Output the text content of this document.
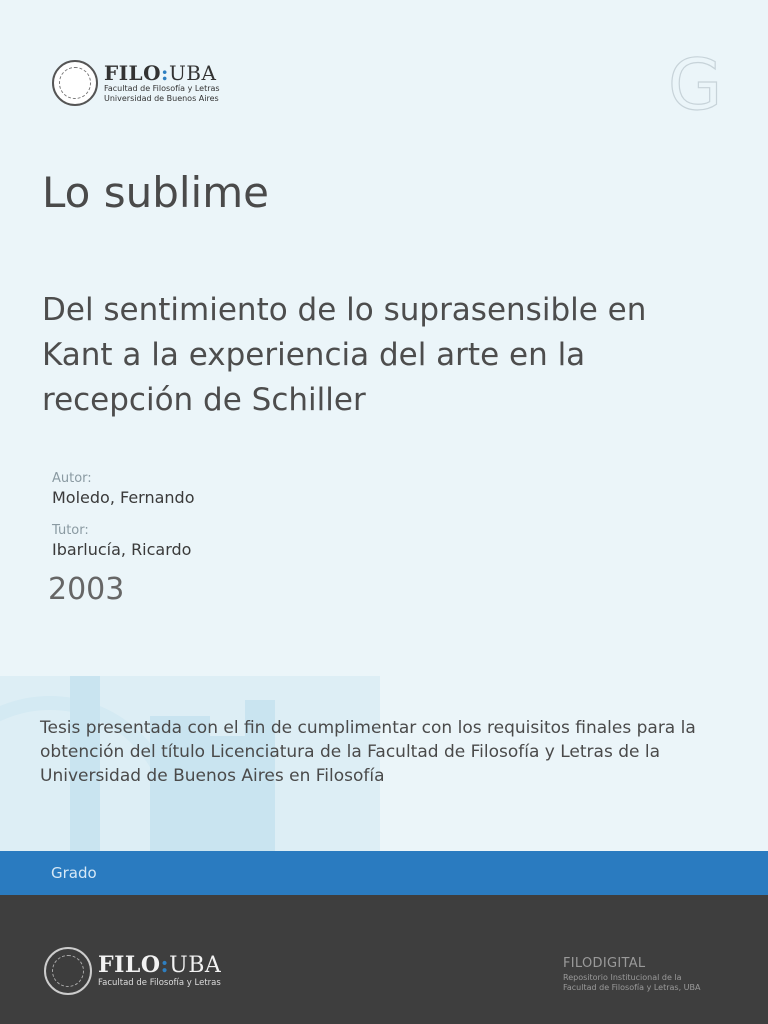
FILO:UBA
Facultad de Filosofía y Letras
Universidad de Buenos Aires	G
Lo sublime
Del sentimiento de lo suprasensible en Kant a la experiencia del arte en la recepción de Schiller
Autor:
Moledo, Fernando
Tutor:
Ibarlucía, Ricardo
2003

Tesis presentada con el fin de cumplimentar con los requisitos finales para la obtención del título Licenciatura de la Facultad de Filosofía y Letras de la Universidad de Buenos Aires en Filosofía

Grado
FILO:UBA
Facultad de Filosofía y Letras
FILODIGITAL
Repositorio Institucional de la Facultad de Filosofía y Letras, UBA
